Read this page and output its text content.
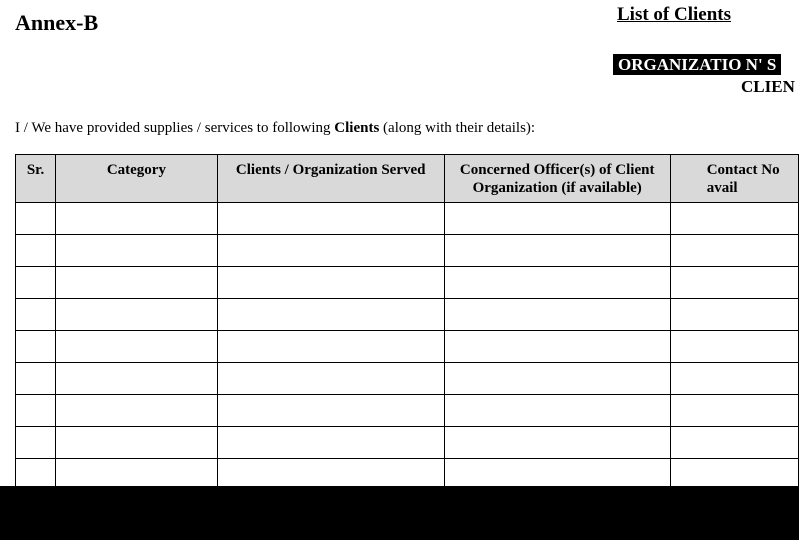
Annex-B	List of Clients
ORGANIZATIO N' S
CLIEN
I / We have provided supplies / services to following Clients (along with their details):
Sr.	Category	Clients / Organization Served	Concerned Officer(s) of Client Organization (if available)	Contact No avail
